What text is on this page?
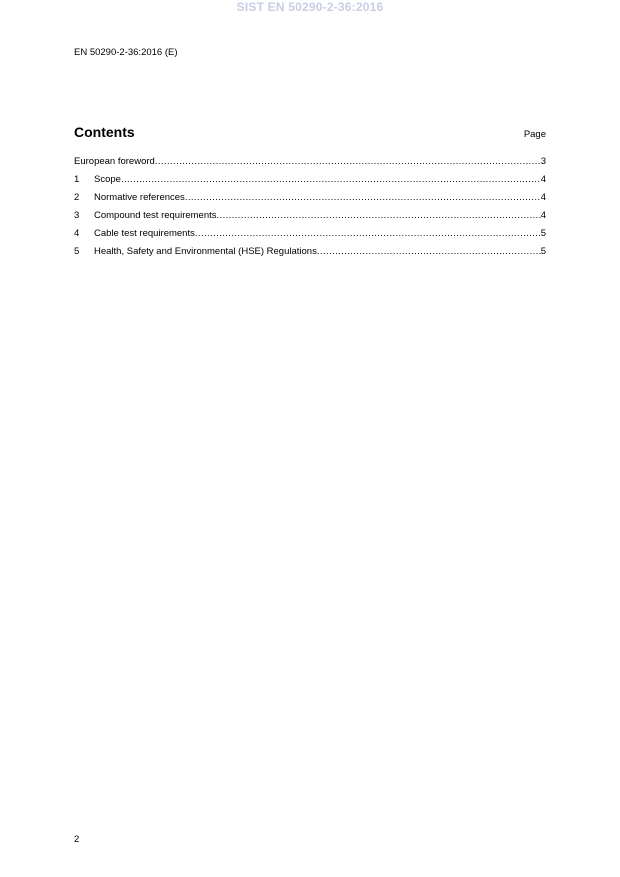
SIST EN 50290-2-36:2016
EN 50290-2-36:2016 (E)
Contents	Page
European foreword .....	3
1	Scope .....	4
2	Normative references .....	4
3	Compound test requirements .....	4
4	Cable test requirements .....	5
5	Health, Safety and Environmental (HSE) Regulations .....	5
2
